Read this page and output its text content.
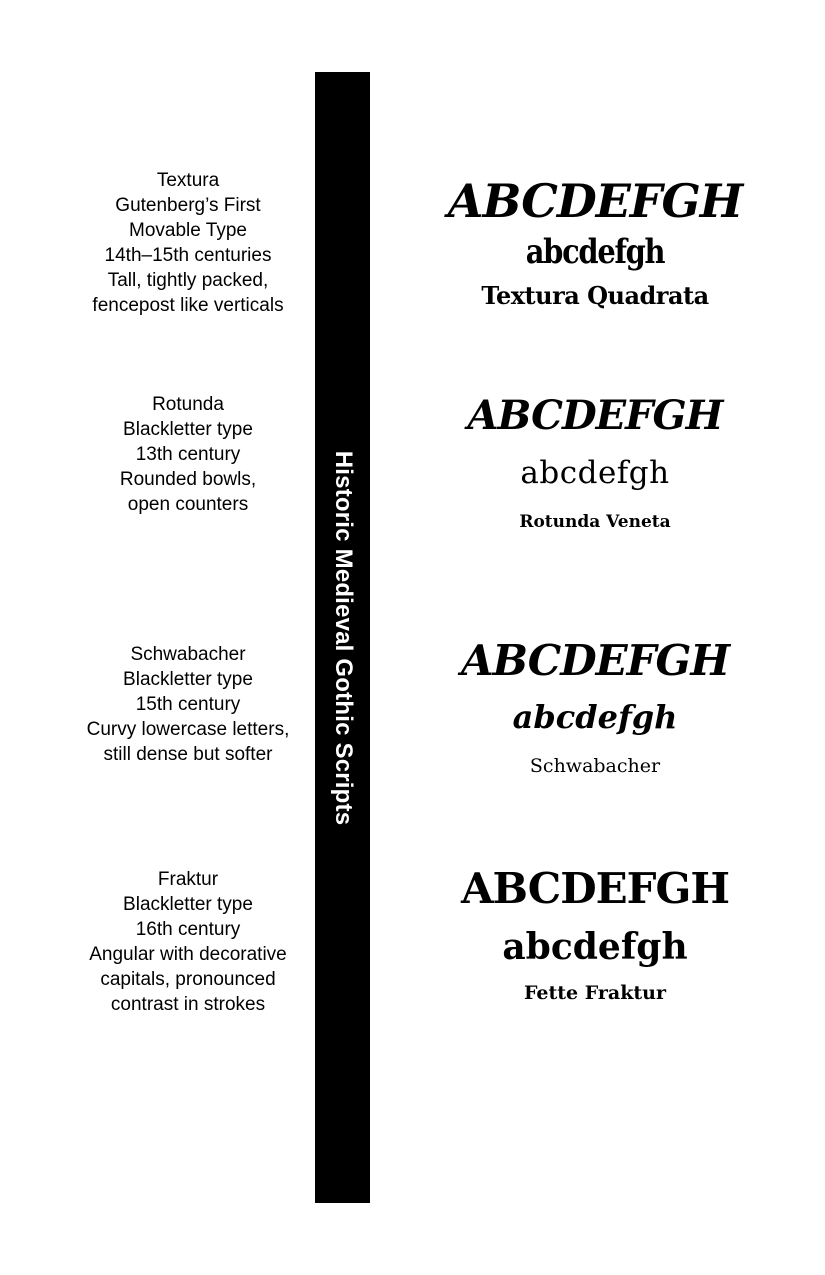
Historic Medieval Gothic Scripts
Textura
Gutenberg’s First
Movable Type
14th–15th centuries
Tall, tightly packed,
fencepost like verticals
ABCDEFGH
abcdefgh
Textura Quadrata
Rotunda
Blackletter type
13th century
Rounded bowls,
open counters
ABCDEFGH
abcdefgh
Rotunda Veneta
Schwabacher
Blackletter type
15th century
Curvy lowercase letters,
still dense but softer
ABCDEFGH
abcdefgh
Schwabacher
Fraktur
Blackletter type
16th century
Angular with decorative
capitals, pronounced
contrast in strokes
ABCDEFGH
abcdefgh
Fette Fraktur
